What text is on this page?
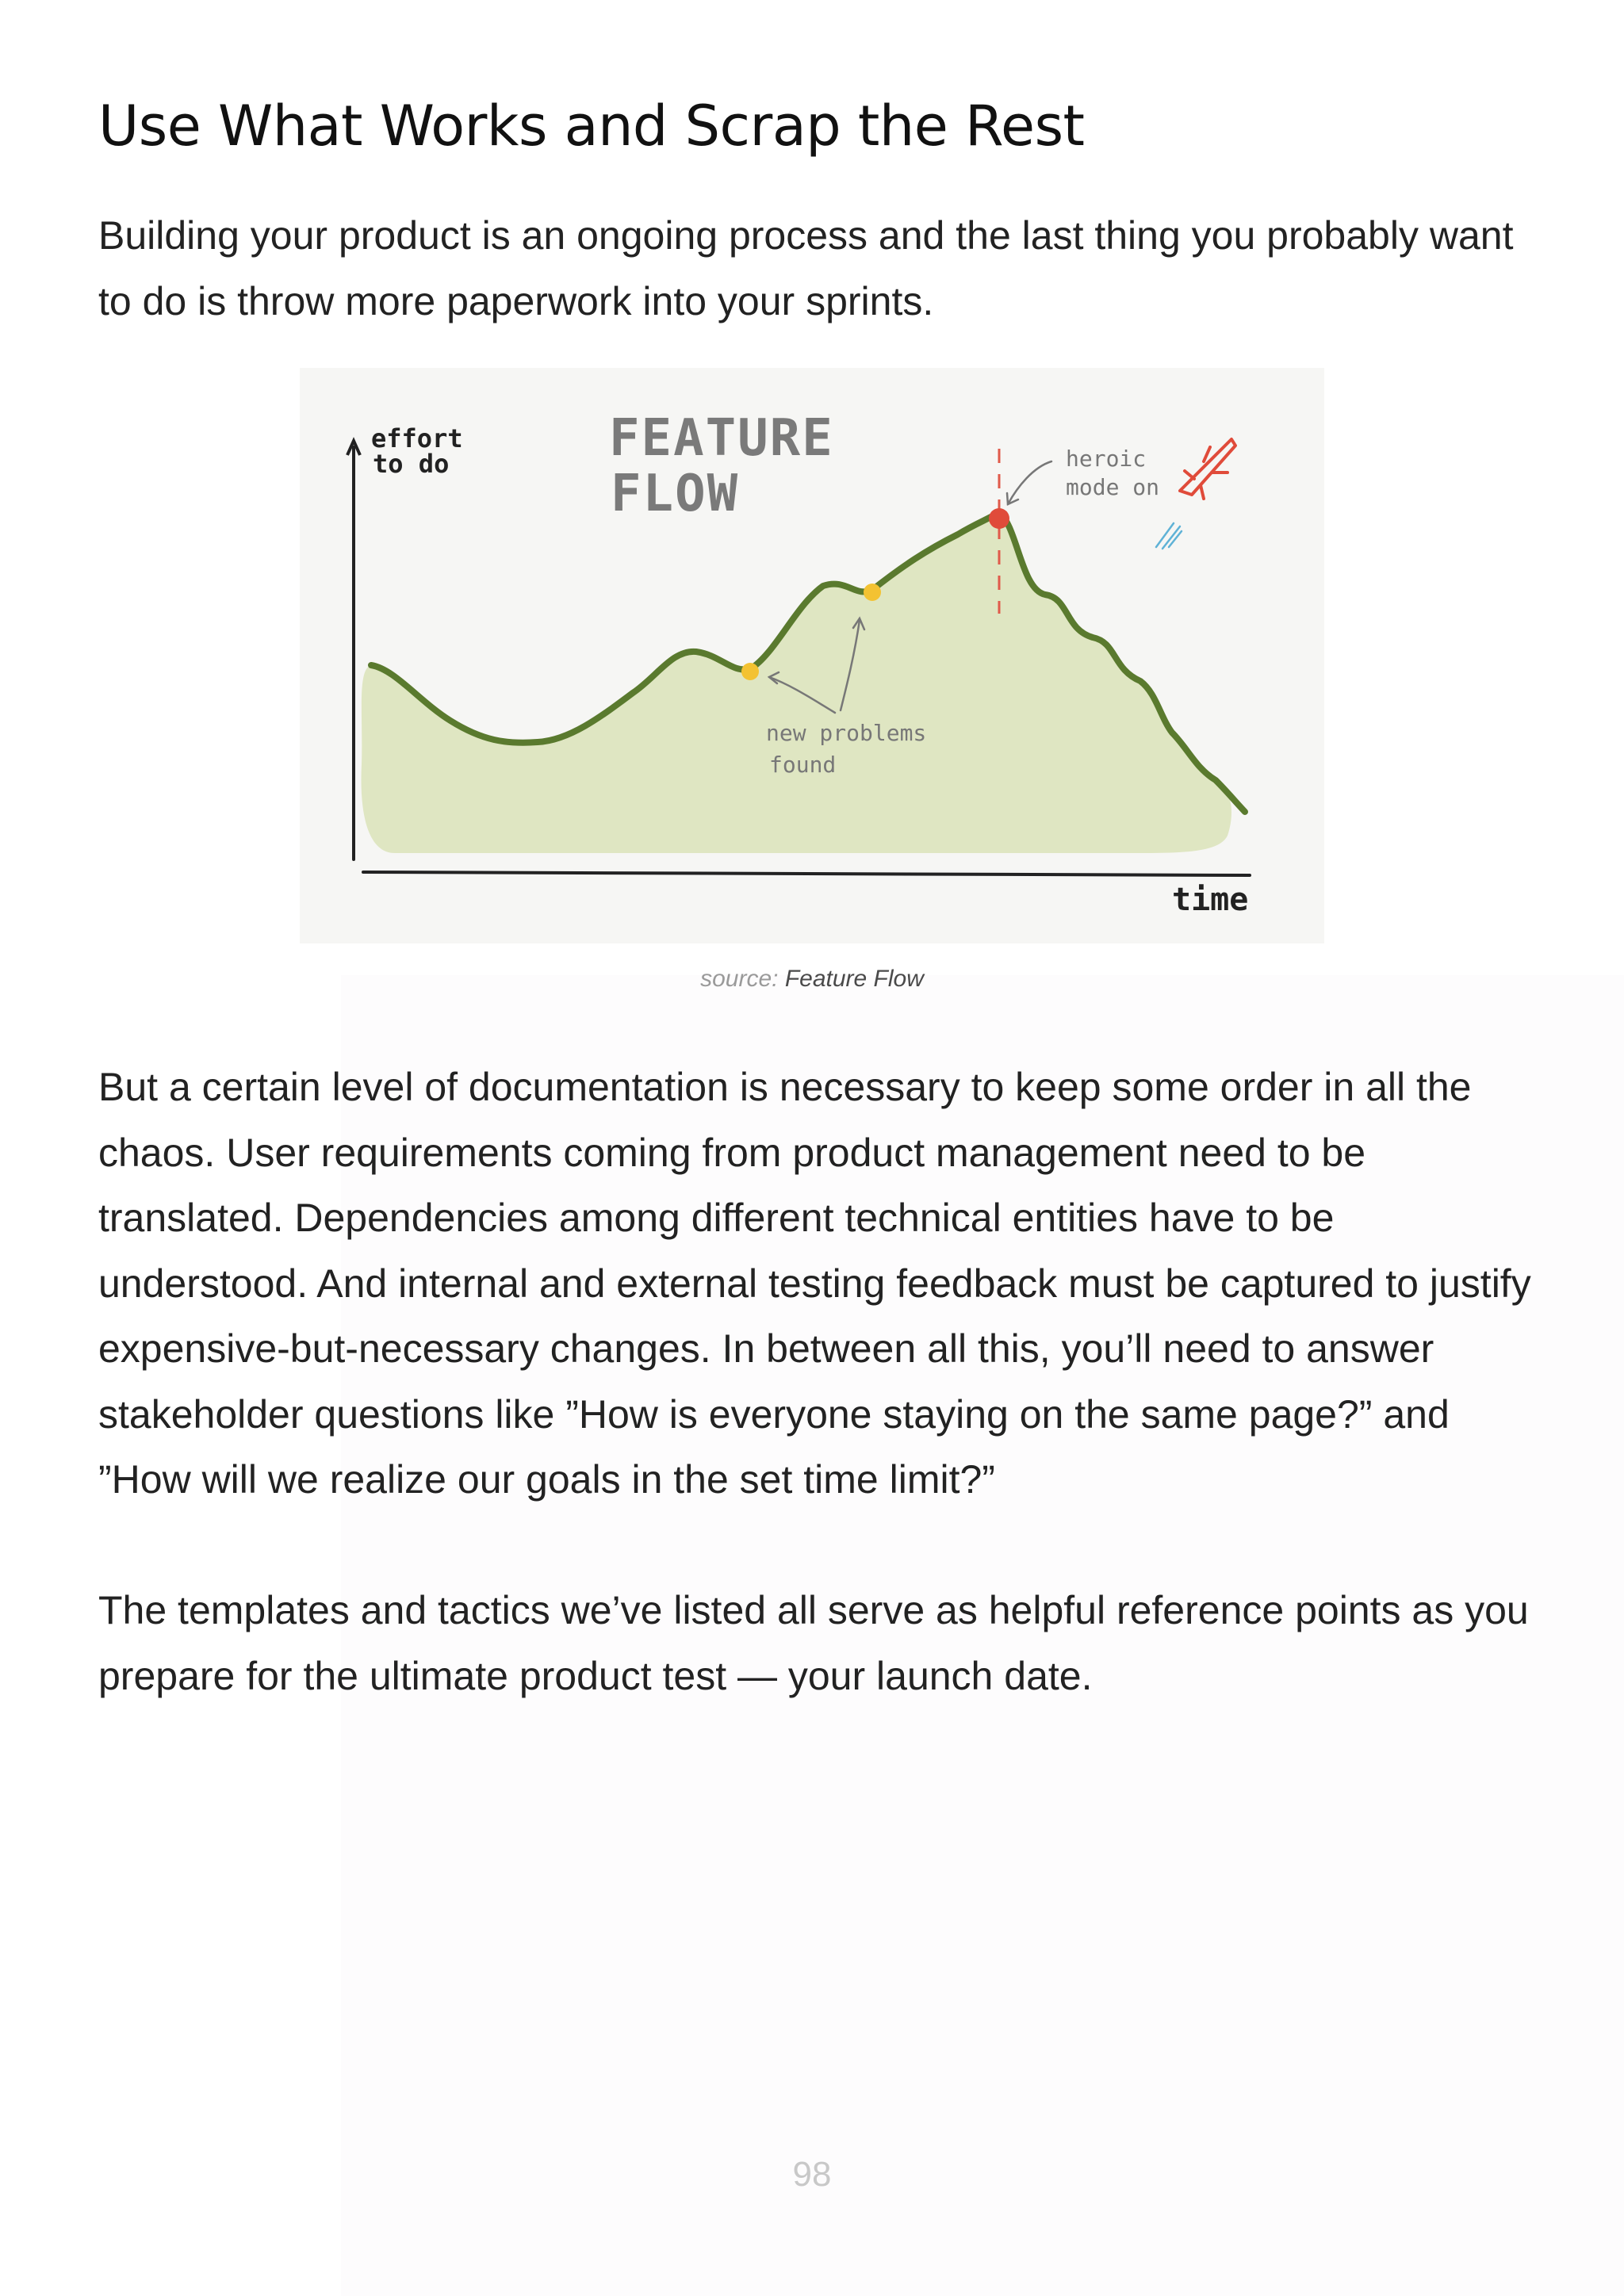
Use What Works and Scrap the Rest

Building your product is an ongoing process and the last thing you probably want to do is throw more paperwork into your sprints.

effort
to do	FEATURE
FLOW
time
new problems
found
heroic
mode on
source: Feature Flow

But a certain level of documentation is necessary to keep some order in all the chaos. User requirements coming from product management need to be translated. Dependencies among different technical entities have to be understood. And internal and external testing feedback must be captured to justify expensive-but-necessary changes. In between all this, you’ll need to answer stakeholder questions like ”How is everyone staying on the same page?” and ”How will we realize our goals in the set time limit?”

The templates and tactics we’ve listed all serve as helpful reference points as you prepare for the ultimate product test — your launch date.

98
